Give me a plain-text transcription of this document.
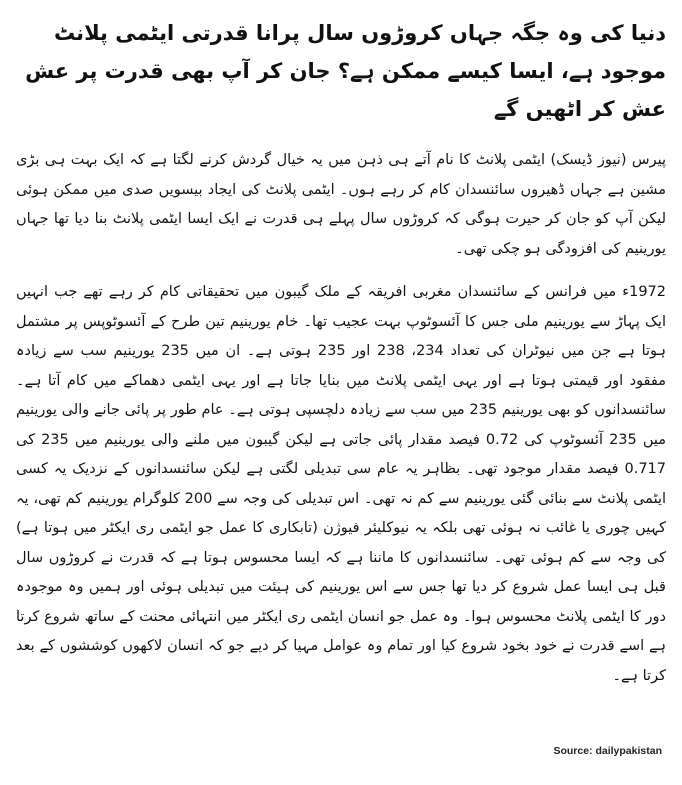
دنیا کی وہ جگہ جہاں کروڑوں سال پرانا قدرتی ایٹمی پلانٹ موجود ہے، ایسا کیسے ممکن ہے؟ جان کر آپ بھی قدرت پر عش عش کر اٹھیں گے

پیرس (نیوز ڈیسک) ایٹمی پلانٹ کا نام آتے ہی ذہن میں یہ خیال گردش کرنے لگتا ہے کہ ایک بہت ہی بڑی مشین ہے جہاں ڈھیروں سائنسدان کام کر رہے ہوں۔ ایٹمی پلانٹ کی ایجاد بیسویں صدی میں ممکن ہوئی لیکن آپ کو جان کر حیرت ہوگی کہ کروڑوں سال پہلے ہی قدرت نے ایک ایسا ایٹمی پلانٹ بنا دیا تھا جہاں یورینیم کی افزودگی ہو چکی تھی۔

1972ء میں فرانس کے سائنسدان مغربی افریقہ کے ملک گیبون میں تحقیقاتی کام کر رہے تھے جب انہیں ایک پہاڑ سے یورینیم ملی جس کا آئسوٹوپ بہت عجیب تھا۔ خام یورینیم تین طرح کے آئسوٹوپس پر مشتمل ہوتا ہے جن میں نیوٹران کی تعداد 234، 238 اور 235 ہوتی ہے۔ ان میں 235 یورینیم سب سے زیادہ مفقود اور قیمتی ہوتا ہے اور یہی ایٹمی پلانٹ میں بنایا جاتا ہے اور یہی ایٹمی دھماکے میں کام آتا ہے۔ سائنسدانوں کو بھی یورینیم 235 میں سب سے زیادہ دلچسپی ہوتی ہے۔ عام طور پر پائی جانے والی یورینیم میں 235 آئسوٹوپ کی 0.72 فیصد مقدار پائی جاتی ہے لیکن گیبون میں ملنے والی یورینیم میں 235 کی 0.717 فیصد مقدار موجود تھی۔ بظاہر یہ عام سی تبدیلی لگتی ہے لیکن سائنسدانوں کے نزدیک یہ کسی ایٹمی پلانٹ سے بنائی گئی یورینیم سے کم نہ تھی۔ اس تبدیلی کی وجہ سے 200 کلوگرام یورینیم کم تھی، یہ کہیں چوری یا غائب نہ ہوئی تھی بلکہ یہ نیوکلیئر فیوژن (تابکاری کا عمل جو ایٹمی ری ایکٹر میں ہوتا ہے) کی وجہ سے کم ہوئی تھی۔ سائنسدانوں کا ماننا ہے کہ ایسا محسوس ہوتا ہے کہ قدرت نے کروڑوں سال قبل ہی ایسا عمل شروع کر دیا تھا جس سے اس یورینیم کی ہیئت میں تبدیلی ہوئی اور ہمیں وہ موجودہ دور کا ایٹمی پلانٹ محسوس ہوا۔ وہ عمل جو انسان ایٹمی ری ایکٹر میں انتہائی محنت کے ساتھ شروع کرتا ہے اسے قدرت نے خود بخود شروع کیا اور تمام وہ عوامل مہیا کر دیے جو کہ انسان لاکھوں کوششوں کے بعد کرتا ہے۔

Source: dailypakistan
